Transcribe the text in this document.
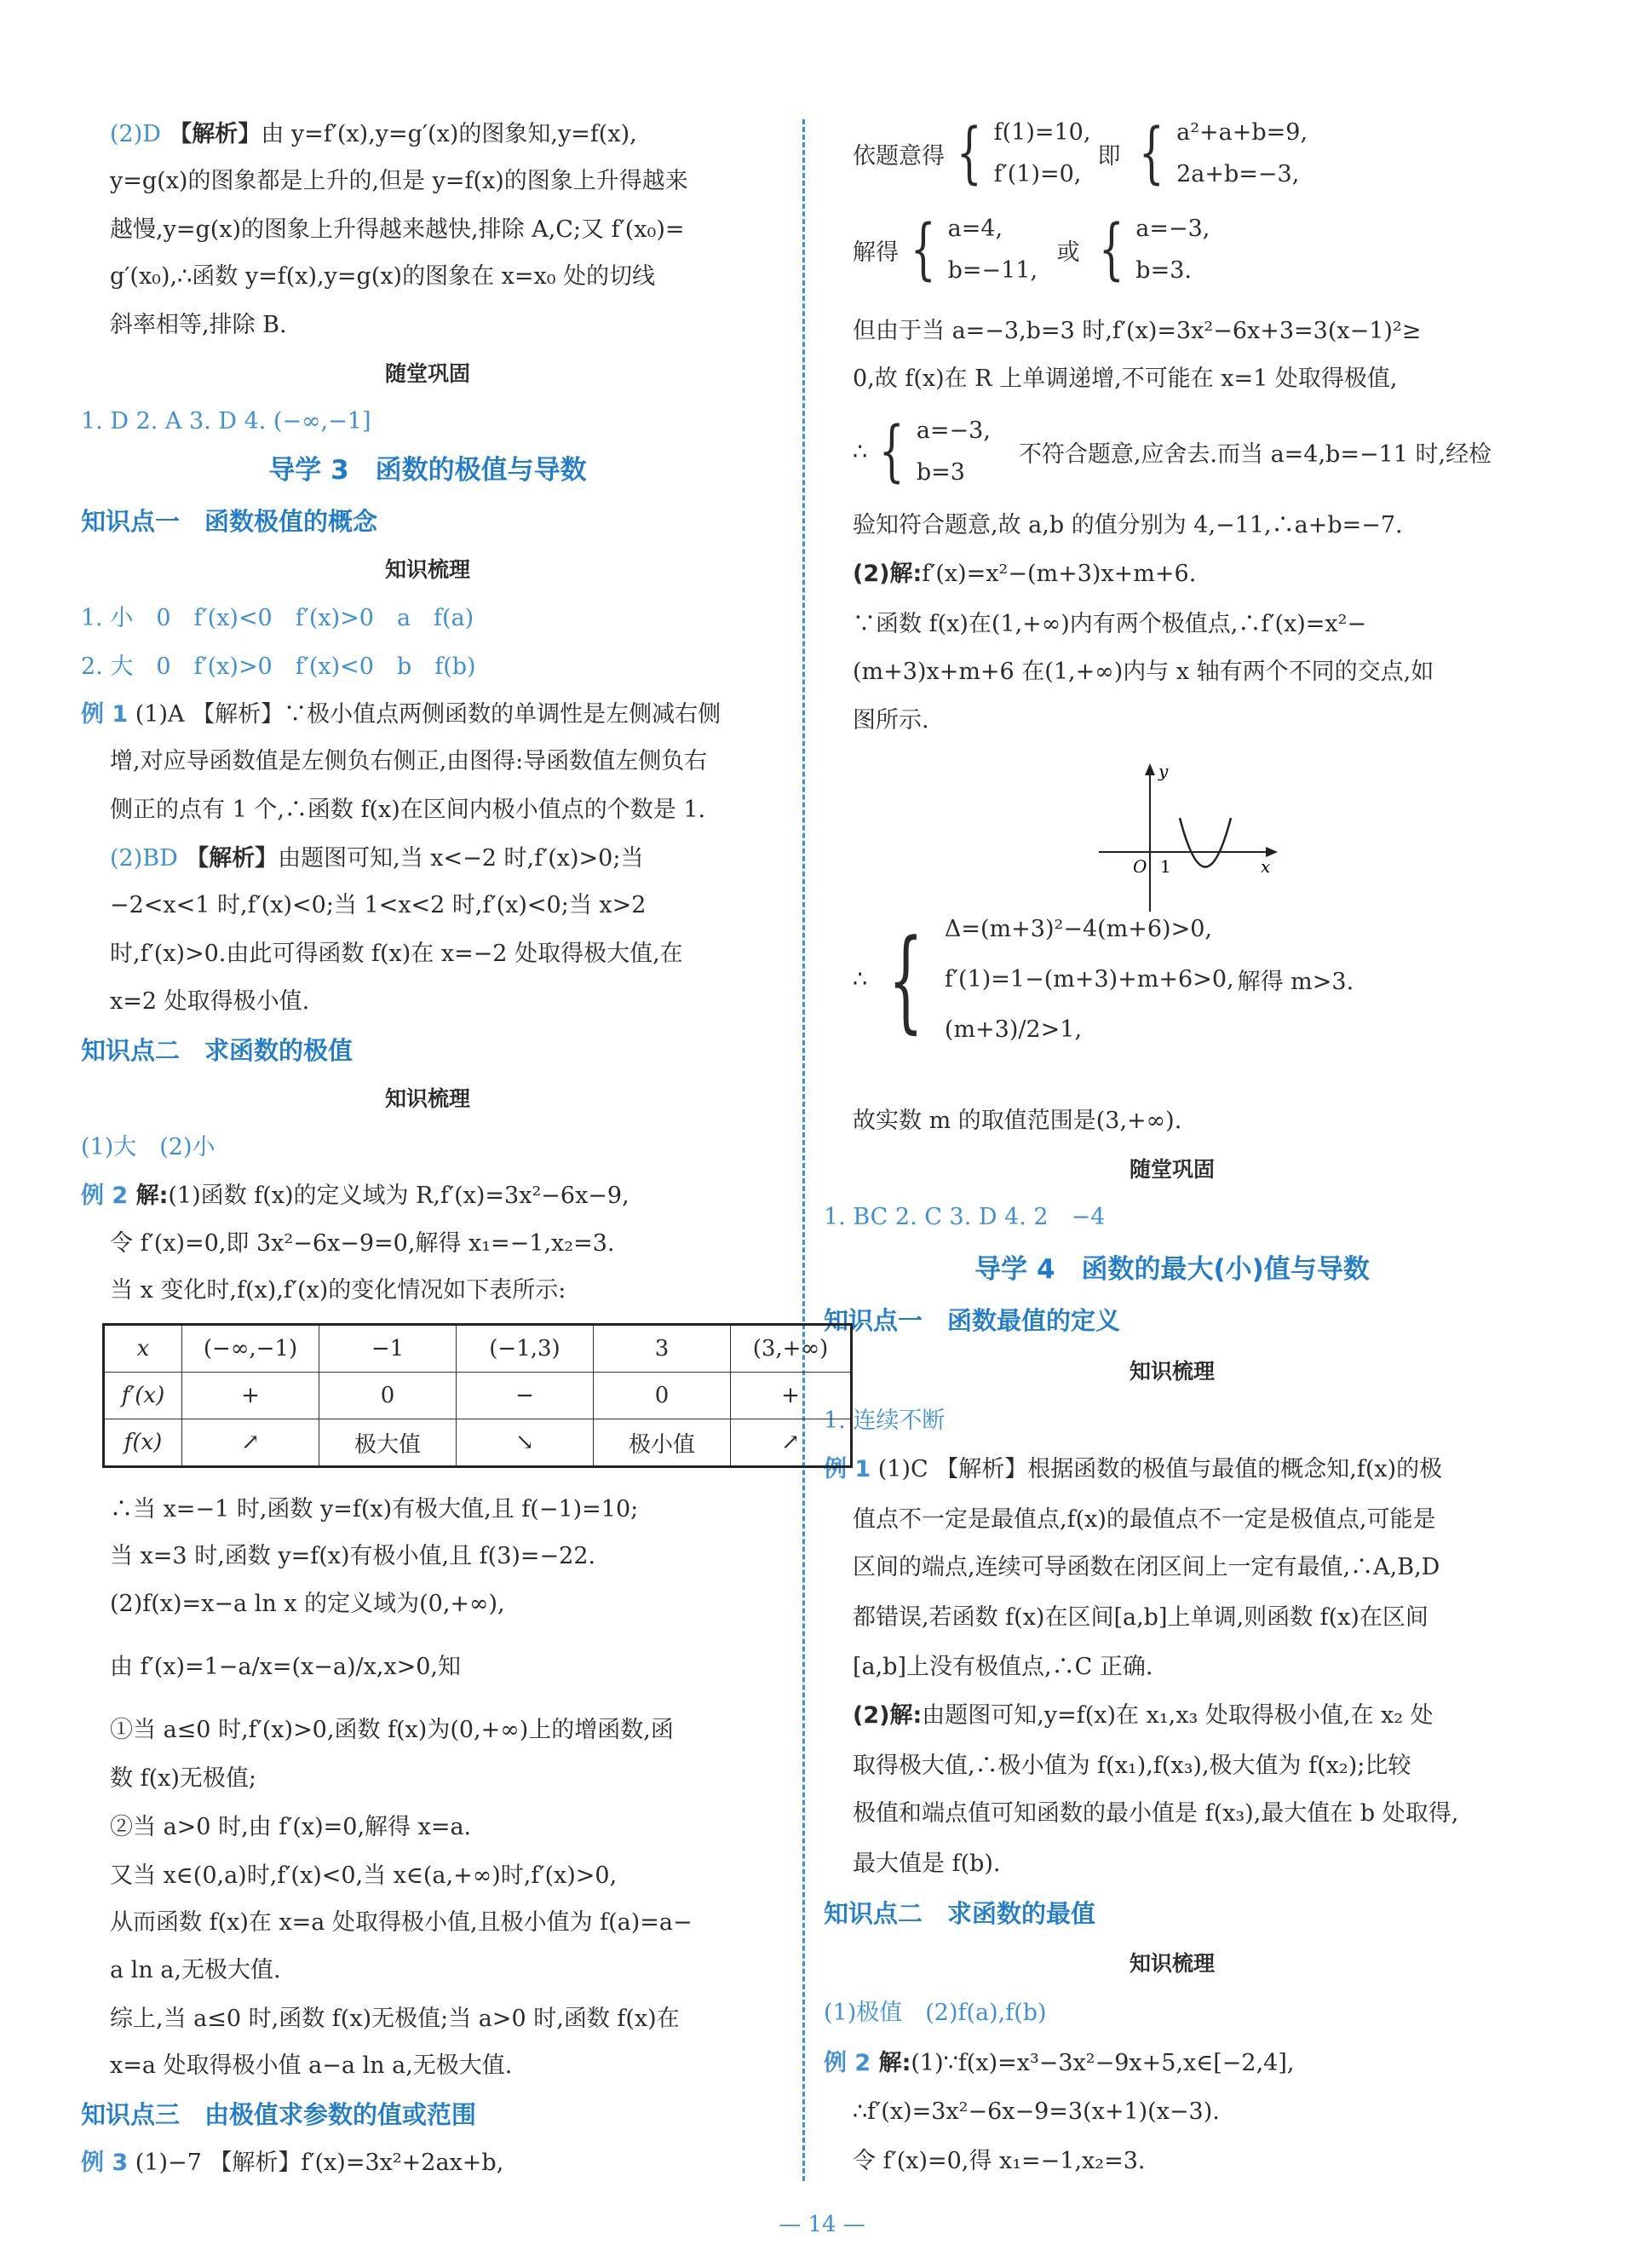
(2)D 【解析】由 y=f′(x),y=g′(x)的图象知,y=f(x),
y=g(x)的图象都是上升的,但是 y=f(x)的图象上升得越来
越慢,y=g(x)的图象上升得越来越快,排除 A,C;又 f′(x₀)=
g′(x₀),∴函数 y=f(x),y=g(x)的图象在 x=x₀ 处的切线
斜率相等,排除 B.
随堂巩固
1. D 2. A 3. D 4. (−∞,−1]
导学 3　函数的极值与导数
知识点一　函数极值的概念
知识梳理
1. 小　0　f′(x)<0　f′(x)>0　a　f(a)
2. 大　0　f′(x)>0　f′(x)<0　b　f(b)
例 1 (1)A 【解析】∵极小值点两侧函数的单调性是左侧减右侧
增,对应导函数值是左侧负右侧正,由图得:导函数值左侧负右
侧正的点有 1 个,∴函数 f(x)在区间内极小值点的个数是 1.
(2)BD 【解析】由题图可知,当 x<−2 时,f′(x)>0;当
−2<x<1 时,f′(x)<0;当 1<x<2 时,f′(x)<0;当 x>2
时,f′(x)>0.由此可得函数 f(x)在 x=−2 处取得极大值,在
x=2 处取得极小值.
知识点二　求函数的极值
知识梳理
(1)大　(2)小
例 2 解:(1)函数 f(x)的定义域为 R,f′(x)=3x²−6x−9,
令 f′(x)=0,即 3x²−6x−9=0,解得 x₁=−1,x₂=3.
当 x 变化时,f(x),f′(x)的变化情况如下表所示:
∴当 x=−1 时,函数 y=f(x)有极大值,且 f(−1)=10;
当 x=3 时,函数 y=f(x)有极小值,且 f(3)=−22.
(2)f(x)=x−a ln x 的定义域为(0,+∞),
由 f′(x)=1−a/x=(x−a)/x,x>0,知
①当 a≤0 时,f′(x)>0,函数 f(x)为(0,+∞)上的增函数,函
数 f(x)无极值;
②当 a>0 时,由 f′(x)=0,解得 x=a.
又当 x∈(0,a)时,f′(x)<0,当 x∈(a,+∞)时,f′(x)>0,
从而函数 f(x)在 x=a 处取得极小值,且极小值为 f(a)=a−
a ln a,无极大值.
综上,当 a≤0 时,函数 f(x)无极值;当 a>0 时,函数 f(x)在
x=a 处取得极小值 a−a ln a,无极大值.
知识点三　由极值求参数的值或范围
例 3 (1)−7 【解析】f′(x)=3x²+2ax+b,
但由于当 a=−3,b=3 时,f′(x)=3x²−6x+3=3(x−1)²≥
0,故 f(x)在 R 上单调递增,不可能在 x=1 处取得极值,
验知符合题意,故 a,b 的值分别为 4,−11,∴a+b=−7.
(2)解:f′(x)=x²−(m+3)x+m+6.
∵函数 f(x)在(1,+∞)内有两个极值点,∴f′(x)=x²−
(m+3)x+m+6 在(1,+∞)内与 x 轴有两个不同的交点,如
图所示.
故实数 m 的取值范围是(3,+∞).
随堂巩固
1. BC 2. C 3. D 4. 2　−4
导学 4　函数的最大(小)值与导数
知识点一　函数最值的定义
知识梳理
1. 连续不断
例 1 (1)C 【解析】根据函数的极值与最值的概念知,f(x)的极
值点不一定是最值点,f(x)的最值点不一定是极值点,可能是
区间的端点,连续可导函数在闭区间上一定有最值,∴A,B,D
都错误,若函数 f(x)在区间[a,b]上单调,则函数 f(x)在区间
[a,b]上没有极值点,∴C 正确.
(2)解:由题图可知,y=f(x)在 x₁,x₃ 处取得极小值,在 x₂ 处
取得极大值,∴极小值为 f(x₁),f(x₃),极大值为 f(x₂);比较
极值和端点值可知函数的最小值是 f(x₃),最大值在 b 处取得,
最大值是 f(b).
知识点二　求函数的最值
知识梳理
(1)极值　(2)f(a),f(b)
例 2 解:(1)∵f(x)=x³−3x²−9x+5,x∈[−2,4],
∴f′(x)=3x²−6x−9=3(x+1)(x−3).
令 f′(x)=0,得 x₁=−1,x₂=3.
x	(−∞,−1)	−1	(−1,3)	3	(3,+∞)
f′(x)	+	0	−	0	+
f(x)	↗	极大值	↘	极小值	↗
依题意得 { f(1)=10,
f′(1)=0,
即 { a²+a+b=9,
2a+b=−3,
解得 { a=4,
b=−11,
或 { a=−3,
b=3.
∴ { a=−3,
b=3
不符合题意,应舍去.而当 a=4,b=−11 时,经检
∴ { Δ=(m+3)²−4(m+6)>0,
f′(1)=1−(m+3)+m+6>0,
(m+3)/2>1,
解得 m>3.
y
O 1	x
— 14 —
